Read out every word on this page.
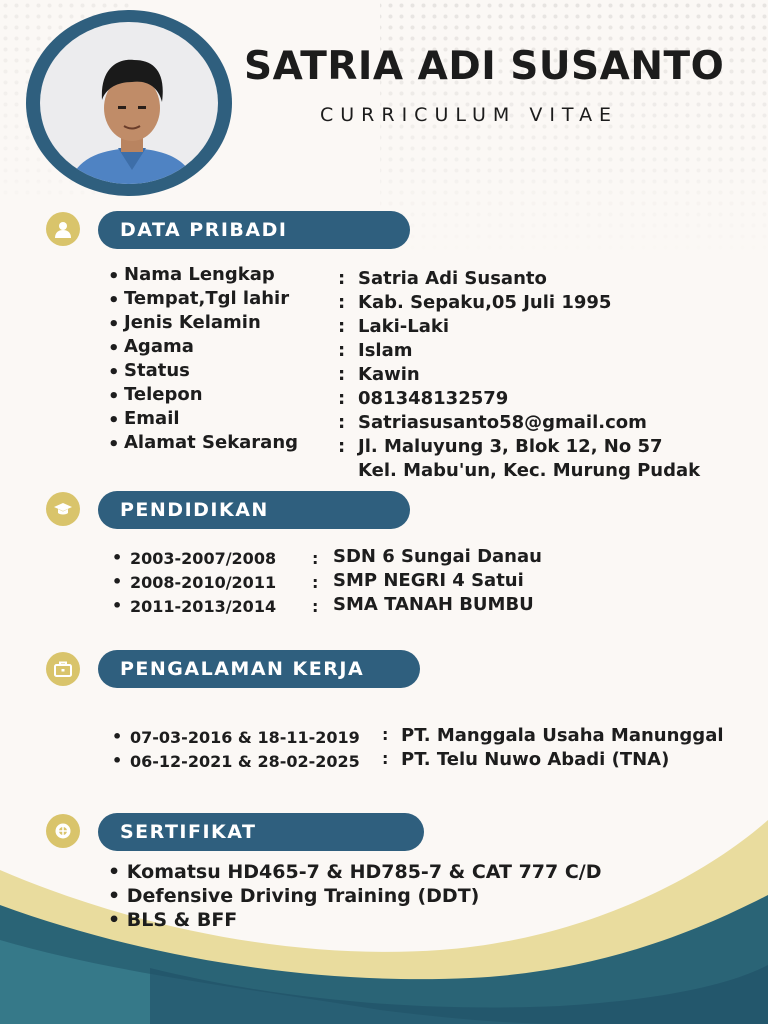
SATRIA ADI SUSANTO
CURRICULUM VITAE
DATA PRIBADI
• Nama Lengkap	: Satria Adi Susanto
• Tempat,Tgl lahir	: Kab. Sepaku,05 Juli 1995
• Jenis Kelamin	: Laki-Laki
• Agama	: Islam
• Status	: Kawin
• Telepon	: 081348132579
• Email	: Satriasusanto58@gmail.com
• Alamat Sekarang : Jl. Maluyung 3, Blok 12, No 57
Kel. Mabu'un, Kec. Murung Pudak
PENDIDIKAN
• 2003-2007/2008 : SDN 6 Sungai Danau
• 2008-2010/2011 : SMP NEGRI 4 Satui
• 2011-2013/2014 : SMA TANAH BUMBU
PENGALAMAN KERJA
• 07-03-2016 & 18-11-2019 : PT. Manggala Usaha Manunggal
• 06-12-2021 & 28-02-2025 : PT. Telu Nuwo Abadi (TNA)
SERTIFIKAT
• Komatsu HD465-7 & HD785-7 & CAT 777 C/D
• Defensive Driving Training (DDT)
• BLS & BFF
